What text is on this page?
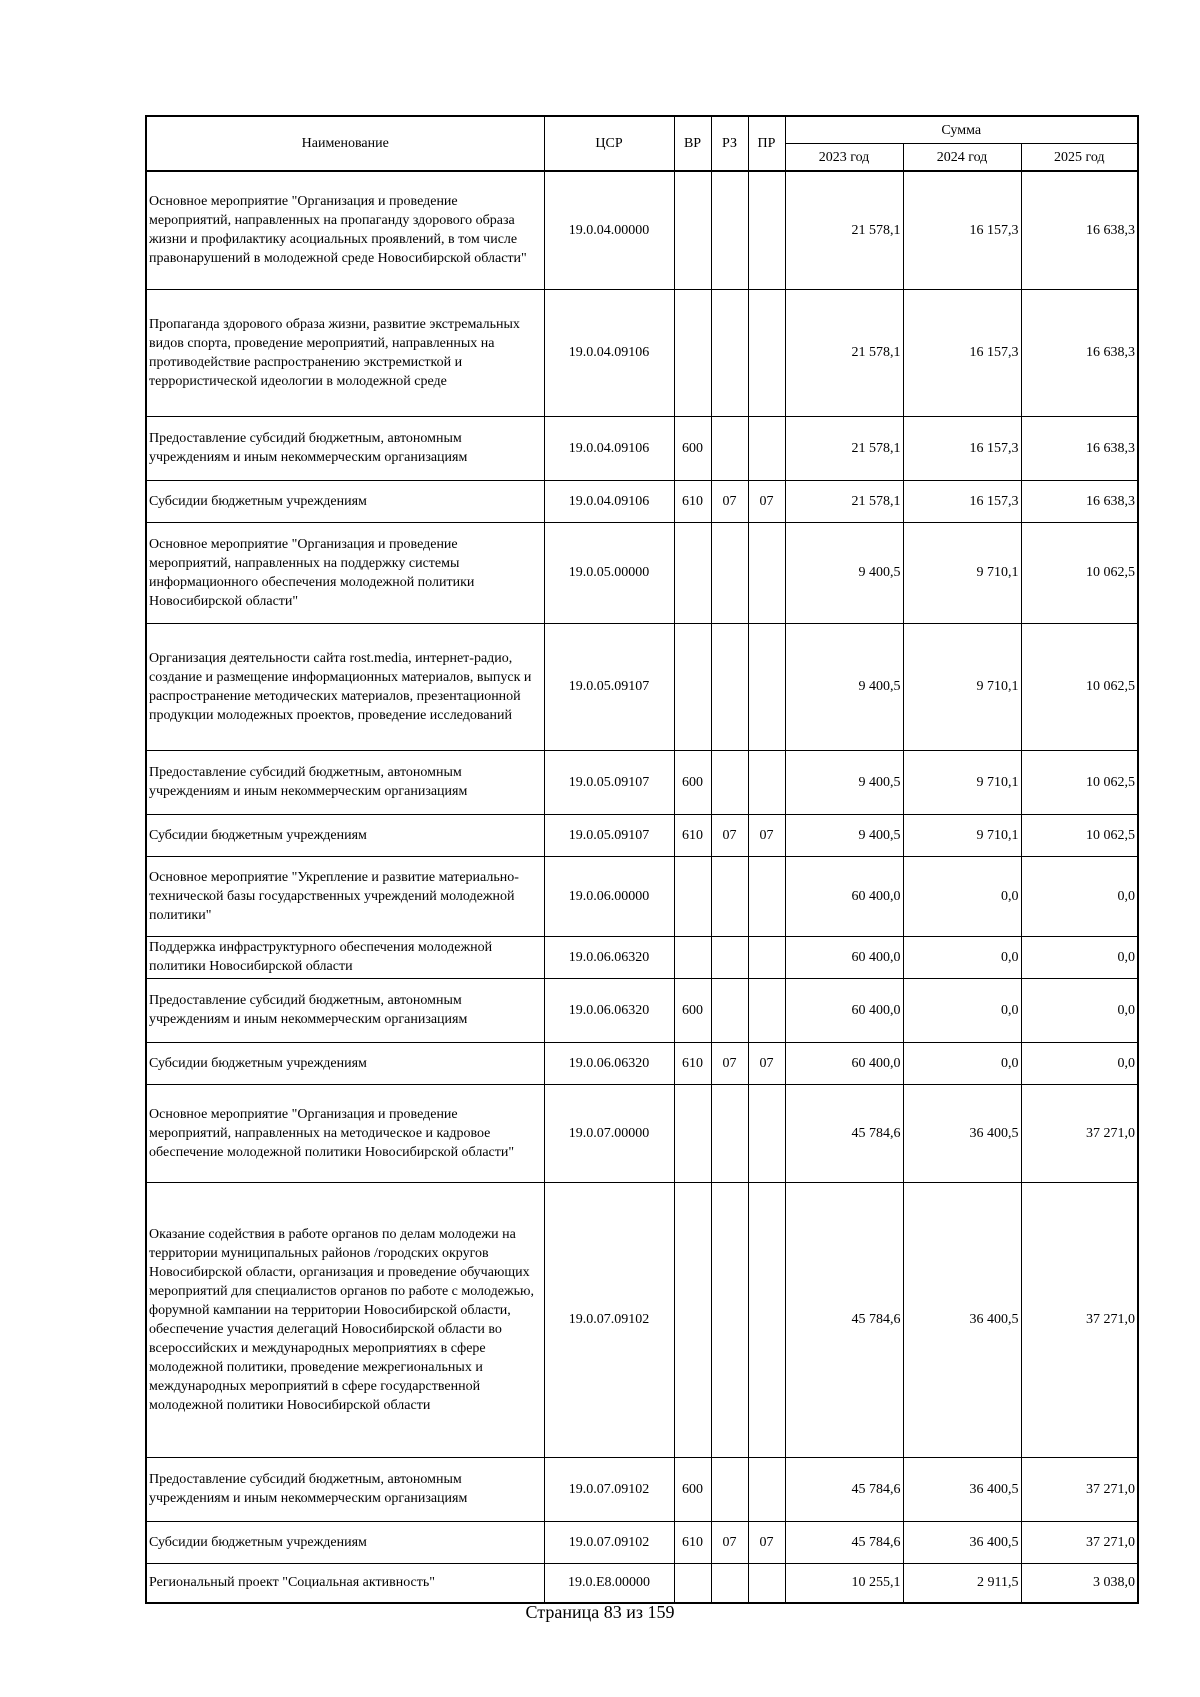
Наименование	ЦСР	ВР	РЗ	ПР	Сумма		
					2023 год	2024 год	2025 год
Основное мероприятие "Организация и проведение мероприятий, направленных на пропаганду здорового образа жизни и профилактику асоциальных проявлений, в том числе правонарушений в молодежной среде Новосибирской области"	19.0.04.00000				21 578,1	16 157,3	16 638,3
Пропаганда здорового образа жизни, развитие экстремальных видов спорта, проведение мероприятий, направленных на противодействие распространению экстремисткой и террористической идеологии в молодежной среде	19.0.04.09106				21 578,1	16 157,3	16 638,3
Предоставление субсидий бюджетным, автономным учреждениям и иным некоммерческим организациям	19.0.04.09106	600			21 578,1	16 157,3	16 638,3
Субсидии бюджетным учреждениям	19.0.04.09106	610	07	07	21 578,1	16 157,3	16 638,3
Основное мероприятие "Организация и проведение мероприятий, направленных на поддержку системы информационного обеспечения молодежной политики Новосибирской области"	19.0.05.00000				9 400,5	9 710,1	10 062,5
Организация деятельности сайта rost.media, интернет-радио, создание и размещение информационных материалов, выпуск и распространение методических материалов, презентационной продукции молодежных проектов, проведение исследований	19.0.05.09107				9 400,5	9 710,1	10 062,5
Предоставление субсидий бюджетным, автономным учреждениям и иным некоммерческим организациям	19.0.05.09107	600			9 400,5	9 710,1	10 062,5
Субсидии бюджетным учреждениям	19.0.05.09107	610	07	07	9 400,5	9 710,1	10 062,5
Основное мероприятие "Укрепление и развитие материально-технической базы государственных учреждений молодежной политики"	19.0.06.00000				60 400,0	0,0	0,0
Поддержка инфраструктурного обеспечения молодежной политики Новосибирской области	19.0.06.06320				60 400,0	0,0	0,0
Предоставление субсидий бюджетным, автономным учреждениям и иным некоммерческим организациям	19.0.06.06320	600			60 400,0	0,0	0,0
Субсидии бюджетным учреждениям	19.0.06.06320	610	07	07	60 400,0	0,0	0,0
Основное мероприятие "Организация и проведение мероприятий, направленных на методическое и кадровое обеспечение молодежной политики Новосибирской области"	19.0.07.00000				45 784,6	36 400,5	37 271,0
Оказание содействия в работе органов по делам молодежи на территории муниципальных районов /городских округов Новосибирской области, организация и проведение обучающих мероприятий для специалистов органов по работе с молодежью, форумной кампании на территории Новосибирской области, обеспечение участия делегаций Новосибирской области во всероссийских и международных мероприятиях в сфере молодежной политики, проведение межрегиональных и международных мероприятий в сфере государственной молодежной политики Новосибирской области	19.0.07.09102				45 784,6	36 400,5	37 271,0
Предоставление субсидий бюджетным, автономным учреждениям и иным некоммерческим организациям	19.0.07.09102	600			45 784,6	36 400,5	37 271,0
Субсидии бюджетным учреждениям	19.0.07.09102	610	07	07	45 784,6	36 400,5	37 271,0
Региональный проект "Социальная активность"	19.0.E8.00000				10 255,1	2 911,5	3 038,0
Страница 83 из 159
